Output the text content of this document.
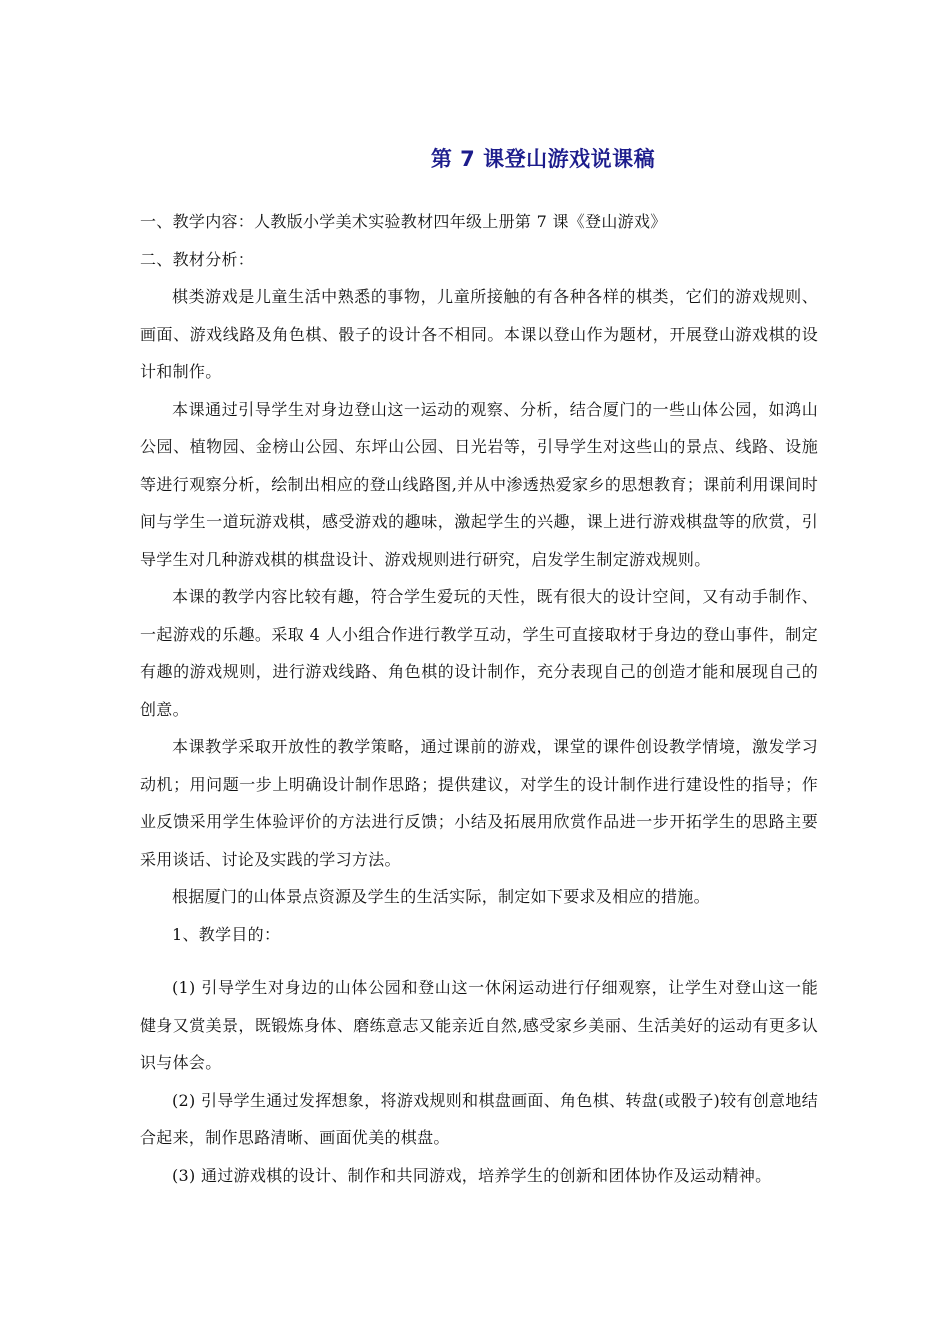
第 7 课登山游戏说课稿

一、教学内容：人教版小学美术实验教材四年级上册第 7 课《登山游戏》

二、教材分析：

棋类游戏是儿童生活中熟悉的事物，儿童所接触的有各种各样的棋类，它们的游戏规则、画面、游戏线路及角色棋、骰子的设计各不相同。本课以登山作为题材，开展登山游戏棋的设计和制作。

本课通过引导学生对身边登山这一运动的观察、分析，结合厦门的一些山体公园，如鸿山公园、植物园、金榜山公园、东坪山公园、日光岩等，引导学生对这些山的景点、线路、设施等进行观察分析，绘制出相应的登山线路图,并从中渗透热爱家乡的思想教育；课前利用课间时间与学生一道玩游戏棋，感受游戏的趣味，激起学生的兴趣，课上进行游戏棋盘等的欣赏，引导学生对几种游戏棋的棋盘设计、游戏规则进行研究，启发学生制定游戏规则。

本课的教学内容比较有趣，符合学生爱玩的天性，既有很大的设计空间，又有动手制作、一起游戏的乐趣。采取 4 人小组合作进行教学互动，学生可直接取材于身边的登山事件，制定有趣的游戏规则，进行游戏线路、角色棋的设计制作，充分表现自己的创造才能和展现自己的创意。

本课教学采取开放性的教学策略，通过课前的游戏，课堂的课件创设教学情境，激发学习动机；用问题一步上明确设计制作思路；提供建议，对学生的设计制作进行建设性的指导；作业反馈采用学生体验评价的方法进行反馈；小结及拓展用欣赏作品进一步开拓学生的思路主要采用谈话、讨论及实践的学习方法。

根据厦门的山体景点资源及学生的生活实际，制定如下要求及相应的措施。

1、教学目的：

(1) 引导学生对身边的山体公园和登山这一休闲运动进行仔细观察，让学生对登山这一能健身又赏美景，既锻炼身体、磨练意志又能亲近自然,感受家乡美丽、生活美好的运动有更多认识与体会。

(2) 引导学生通过发挥想象，将游戏规则和棋盘画面、角色棋、转盘(或骰子)较有创意地结合起来，制作思路清晰、画面优美的棋盘。

(3) 通过游戏棋的设计、制作和共同游戏，培养学生的创新和团体协作及运动精神。
